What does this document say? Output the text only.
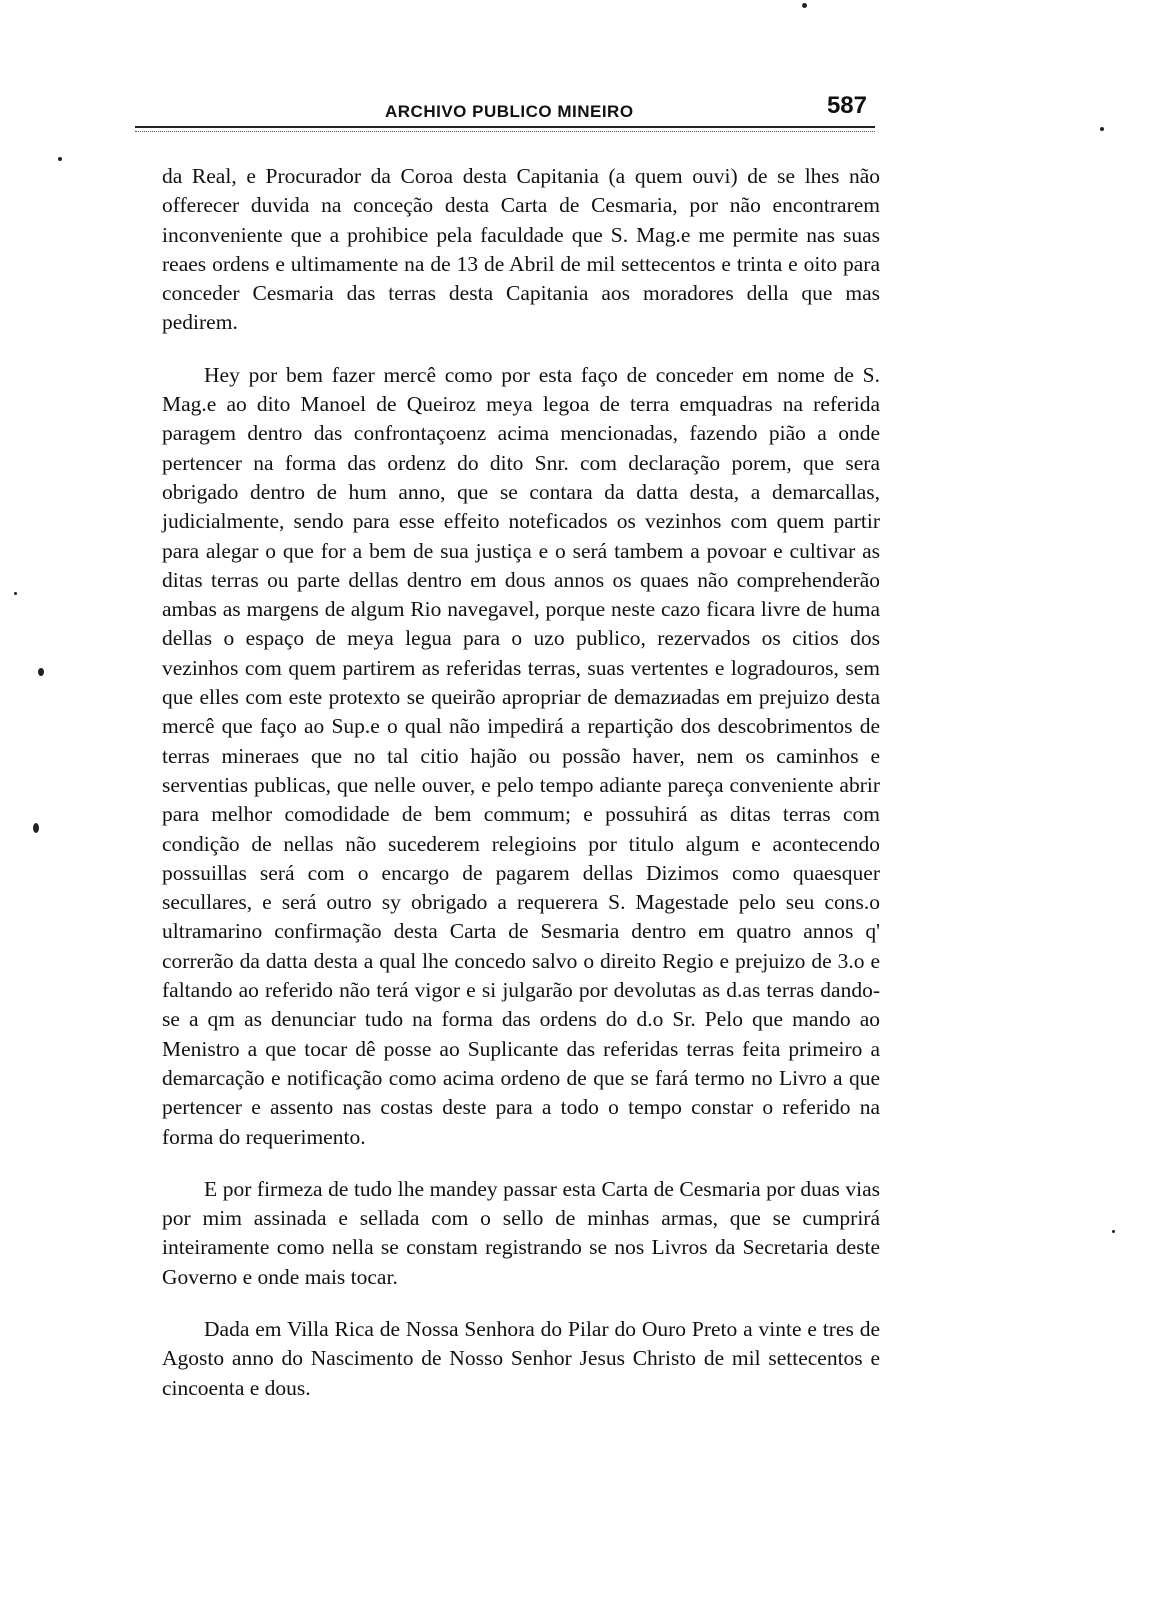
ARCHIVO PUBLICO MINEIRO	587

da Real, e Procurador da Coroa desta Capitania (a quem ouvi) de se lhes não offerecer duvida na conceção desta Carta de Cesmaria, por não encontrarem inconveniente que a prohibice pela faculdade que S. Mag.e me permite nas suas reaes ordens e ultimamente na de 13 de Abril de mil settecentos e trinta e oito para conceder Cesmaria das terras desta Capitania aos moradores della que mas pedirem.

Hey por bem fazer mercê como por esta faço de conceder em nome de S. Mag.e ao dito Manoel de Queiroz meya legoa de terra emquadras na referida paragem dentro das confrontaçoenz acima mencionadas, fazendo pião a onde pertencer na forma das ordenz do dito Snr. com declaração porem, que sera obrigado dentro de hum anno, que se contara da datta desta, a demarcallas, judicialmente, sendo para esse effeito noteficados os vezinhos com quem partir para alegar o que for a bem de sua justiça e o será tambem a povoar e cultivar as ditas terras ou parte dellas dentro em dous annos os quaes não comprehenderão ambas as margens de algum Rio navegavel, porque neste cazo ficara livre de huma dellas o espaço de meya legua para o uzo publico, rezervados os citios dos vezinhos com quem partirem as referidas terras, suas vertentes e logradouros, sem que elles com este protexto se queirão apropriar de demazиadas em prejuizo desta mercê que faço ao Sup.e o qual não impedirá a repartição dos descobrimentos de terras mineraes que no tal citio hajão ou possão haver, nem os caminhos e serventias publicas, que nelle ouver, e pelo tempo adiante pareça conveniente abrir para melhor comodidade de bem commum; e possuhirá as ditas terras com condição de nellas não sucederem relegioins por titulo algum e acontecendo possuillas será com o encargo de pagarem dellas Dizimos como quaesquer secullares, e será outro sy obrigado a requerera S. Magestade pelo seu cons.o ultramarino confirmação desta Carta de Sesmaria dentro em quatro annos q' correrão da datta desta a qual lhe concedo salvo o direito Regio e prejuizo de 3.o e faltando ao referido não terá vigor e si julgarão por devolutas as d.as terras dando-se a qm as denunciar tudo na forma das ordens do d.o Sr. Pelo que mando ao Menistro a que tocar dê posse ao Suplicante das referidas terras feita primeiro a demarcação e notificação como acima ordeno de que se fará termo no Livro a que pertencer e assento nas costas deste para a todo o tempo constar o referido na forma do requerimento.

E por firmeza de tudo lhe mandey passar esta Carta de Cesmaria por duas vias por mim assinada e sellada com o sello de minhas armas, que se cumprirá inteiramente como nella se constam registrando se nos Livros da Secretaria deste Governo e onde mais tocar.

Dada em Villa Rica de Nossa Senhora do Pilar do Ouro Preto a vinte e tres de Agosto anno do Nascimento de Nosso Senhor Jesus Christo de mil settecentos e cincoenta e dous.
